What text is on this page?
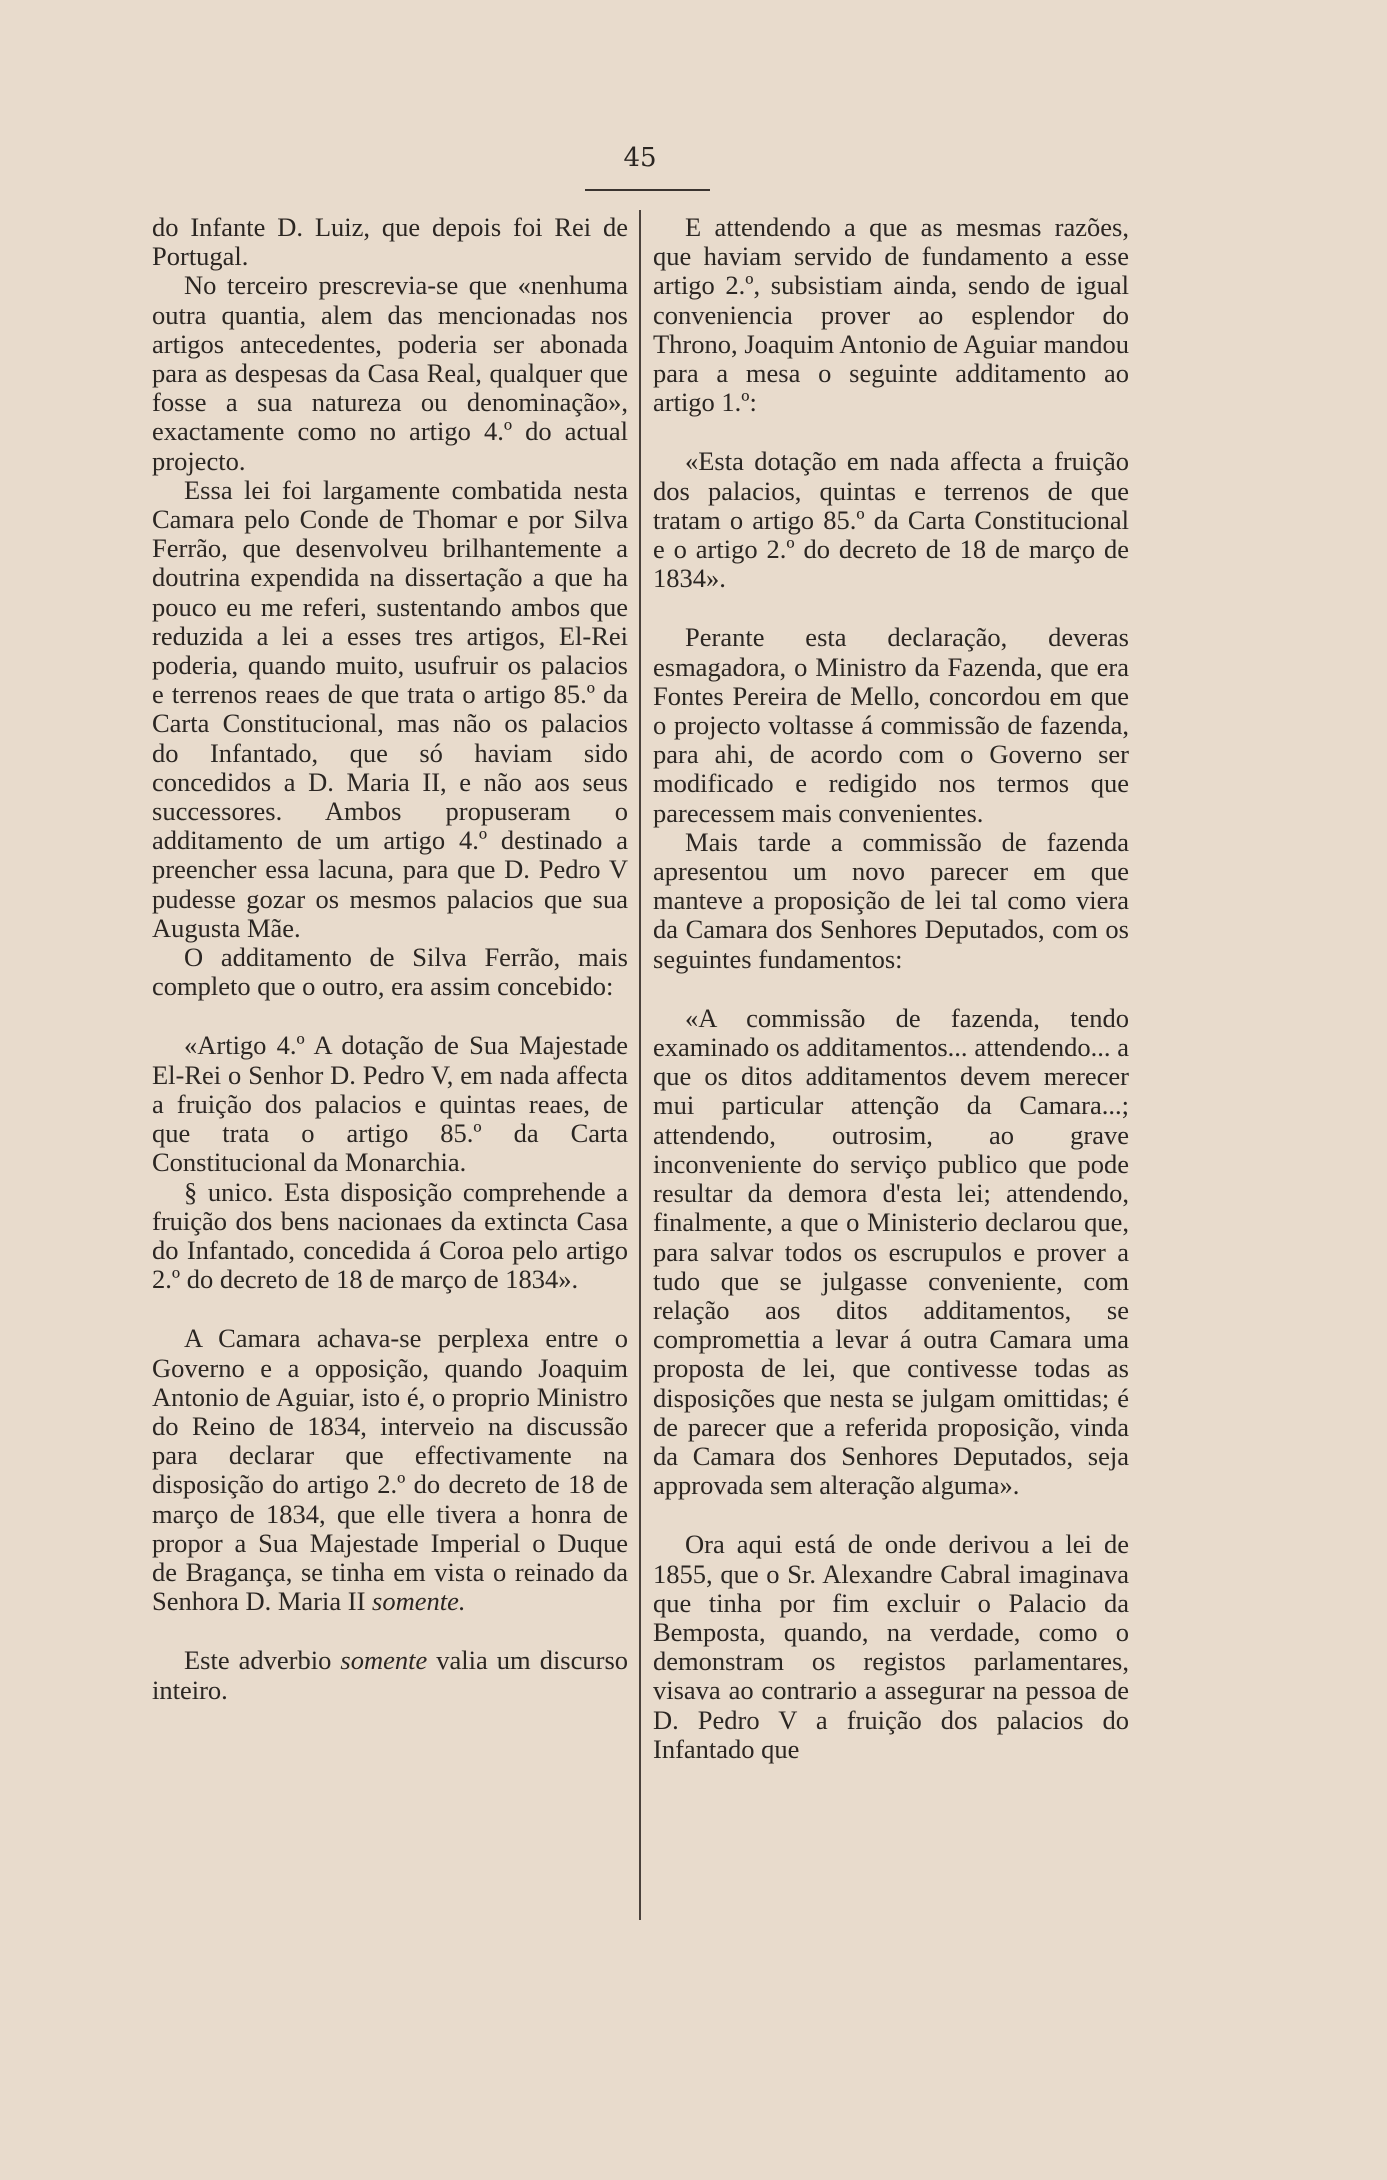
45

do Infante D. Luiz, que depois foi Rei de Portugal.

No terceiro prescrevia-se que «nenhuma outra quantia, alem das mencionadas nos artigos antecedentes, poderia ser abonada para as despesas da Casa Real, qualquer que fosse a sua natureza ou denominação», exactamente como no artigo 4.º do actual projecto.

Essa lei foi largamente combatida nesta Camara pelo Conde de Thomar e por Silva Ferrão, que desenvolveu brilhantemente a doutrina expendida na dissertação a que ha pouco eu me referi, sustentando ambos que reduzida a lei a esses tres artigos, El-Rei poderia, quando muito, usufruir os palacios e terrenos reaes de que trata o artigo 85.º da Carta Constitucional, mas não os palacios do Infantado, que só haviam sido concedidos a D. Maria II, e não aos seus successores. Ambos propuseram o additamento de um artigo 4.º destinado a preencher essa lacuna, para que D. Pedro V pudesse gozar os mesmos palacios que sua Augusta Mãe.

O additamento de Silva Ferrão, mais completo que o outro, era assim concebido:

«Artigo 4.º A dotação de Sua Majestade El-Rei o Senhor D. Pedro V, em nada affecta a fruição dos palacios e quintas reaes, de que trata o artigo 85.º da Carta Constitucional da Monarchia.

§ unico. Esta disposição comprehende a fruição dos bens nacionaes da extincta Casa do Infantado, concedida á Coroa pelo artigo 2.º do decreto de 18 de março de 1834».

A Camara achava-se perplexa entre o Governo e a opposição, quando Joaquim Antonio de Aguiar, isto é, o proprio Ministro do Reino de 1834, interveio na discussão para declarar que effectivamente na disposição do artigo 2.º do decreto de 18 de março de 1834, que elle tivera a honra de propor a Sua Majestade Imperial o Duque de Bragança, se tinha em vista o reinado da Senhora D. Maria II somente.

Este adverbio somente valia um discurso inteiro.

E attendendo a que as mesmas razões, que haviam servido de fundamento a esse artigo 2.º, subsistiam ainda, sendo de igual conveniencia prover ao esplendor do Throno, Joaquim Antonio de Aguiar mandou para a mesa o seguinte additamento ao artigo 1.º:

«Esta dotação em nada affecta a fruição dos palacios, quintas e terrenos de que tratam o artigo 85.º da Carta Constitucional e o artigo 2.º do decreto de 18 de março de 1834».

Perante esta declaração, deveras esmagadora, o Ministro da Fazenda, que era Fontes Pereira de Mello, concordou em que o projecto voltasse á commissão de fazenda, para ahi, de acordo com o Governo ser modificado e redigido nos termos que parecessem mais convenientes.

Mais tarde a commissão de fazenda apresentou um novo parecer em que manteve a proposição de lei tal como viera da Camara dos Senhores Deputados, com os seguintes fundamentos:

«A commissão de fazenda, tendo examinado os additamentos... attendendo... a que os ditos additamentos devem merecer mui particular attenção da Camara...; attendendo, outrosim, ao grave inconveniente do serviço publico que pode resultar da demora d'esta lei; attendendo, finalmente, a que o Ministerio declarou que, para salvar todos os escrupulos e prover a tudo que se julgasse conveniente, com relação aos ditos additamentos, se compromettia a levar á outra Camara uma proposta de lei, que contivesse todas as disposições que nesta se julgam omittidas; é de parecer que a referida proposição, vinda da Camara dos Senhores Deputados, seja approvada sem alteração alguma».

Ora aqui está de onde derivou a lei de 1855, que o Sr. Alexandre Cabral imaginava que tinha por fim excluir o Palacio da Bemposta, quando, na verdade, como o demonstram os registos parlamentares, visava ao contrario a assegurar na pessoa de D. Pedro V a fruição dos palacios do Infantado que
